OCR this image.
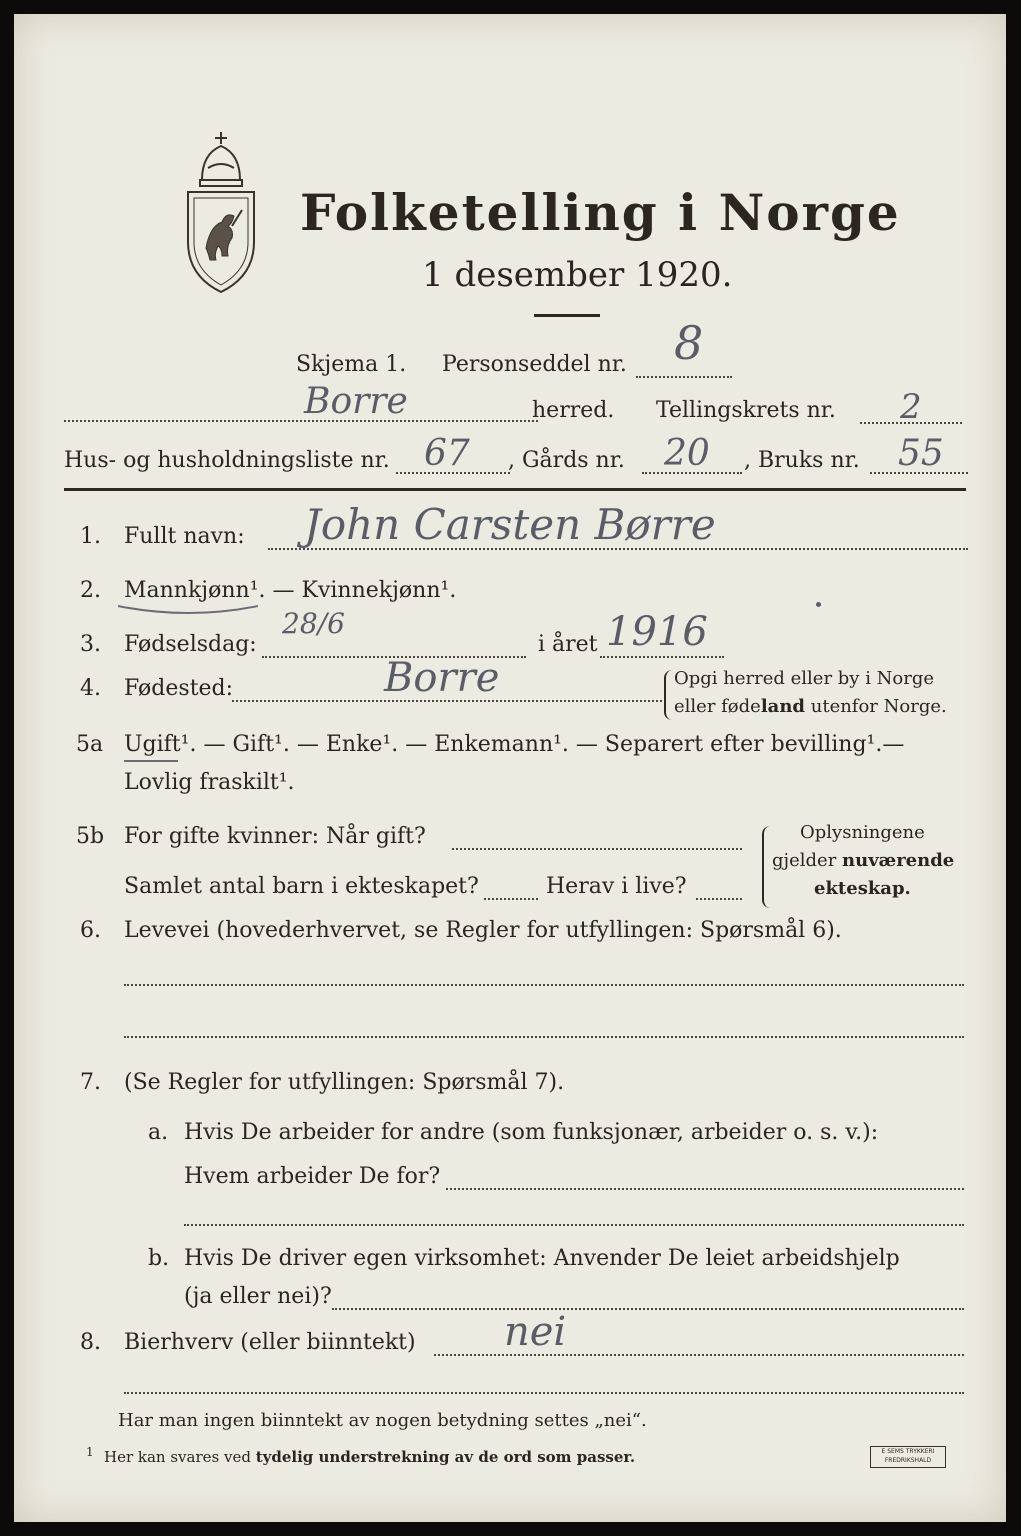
Folketelling i Norge
1 desember 1920.
Skjema 1. Personseddel nr. 8
Borre	herred. Tellingskrets nr. 2
Hus- og husholdningsliste nr. 67 , Gårds nr. 20 , Bruks nr. 55
1. Fullt navn: John Carsten Børre
2. Mannkjønn¹. — Kvinnekjønn¹.
3. Fødselsdag:
28/6
i året 1916
4. Fødested:	Borre	Opgi herred eller by i Norge
eller fødeland utenfor Norge.
5a Ugift¹. — Gift¹. — Enke¹. — Enkemann¹. — Separert efter bevilling¹.—
Lovlig fraskilt¹.
5b For gifte kvinner: Når gift?
Samlet antal barn i ekteskapet?	Herav i live?
Oplysningene
gjelder nuværende
ekteskap.
6. Levevei (hovederhvervet, se Regler for utfyllingen: Spørsmål 6).
7. (Se Regler for utfyllingen: Spørsmål 7).
a. Hvis De arbeider for andre (som funksjonær, arbeider o. s. v.):
Hvem arbeider De for?
b. Hvis De driver egen virksomhet: Anvender De leiet arbeidshjelp
(ja eller nei)?
8. Bierhverv (eller biinntekt) nei
Har man ingen biinntekt av nogen betydning settes „nei“.
1 Her kan svares ved tydelig understrekning av de ord som passer.	E SEMS TRYKKERI
FREDRIKSHALD
